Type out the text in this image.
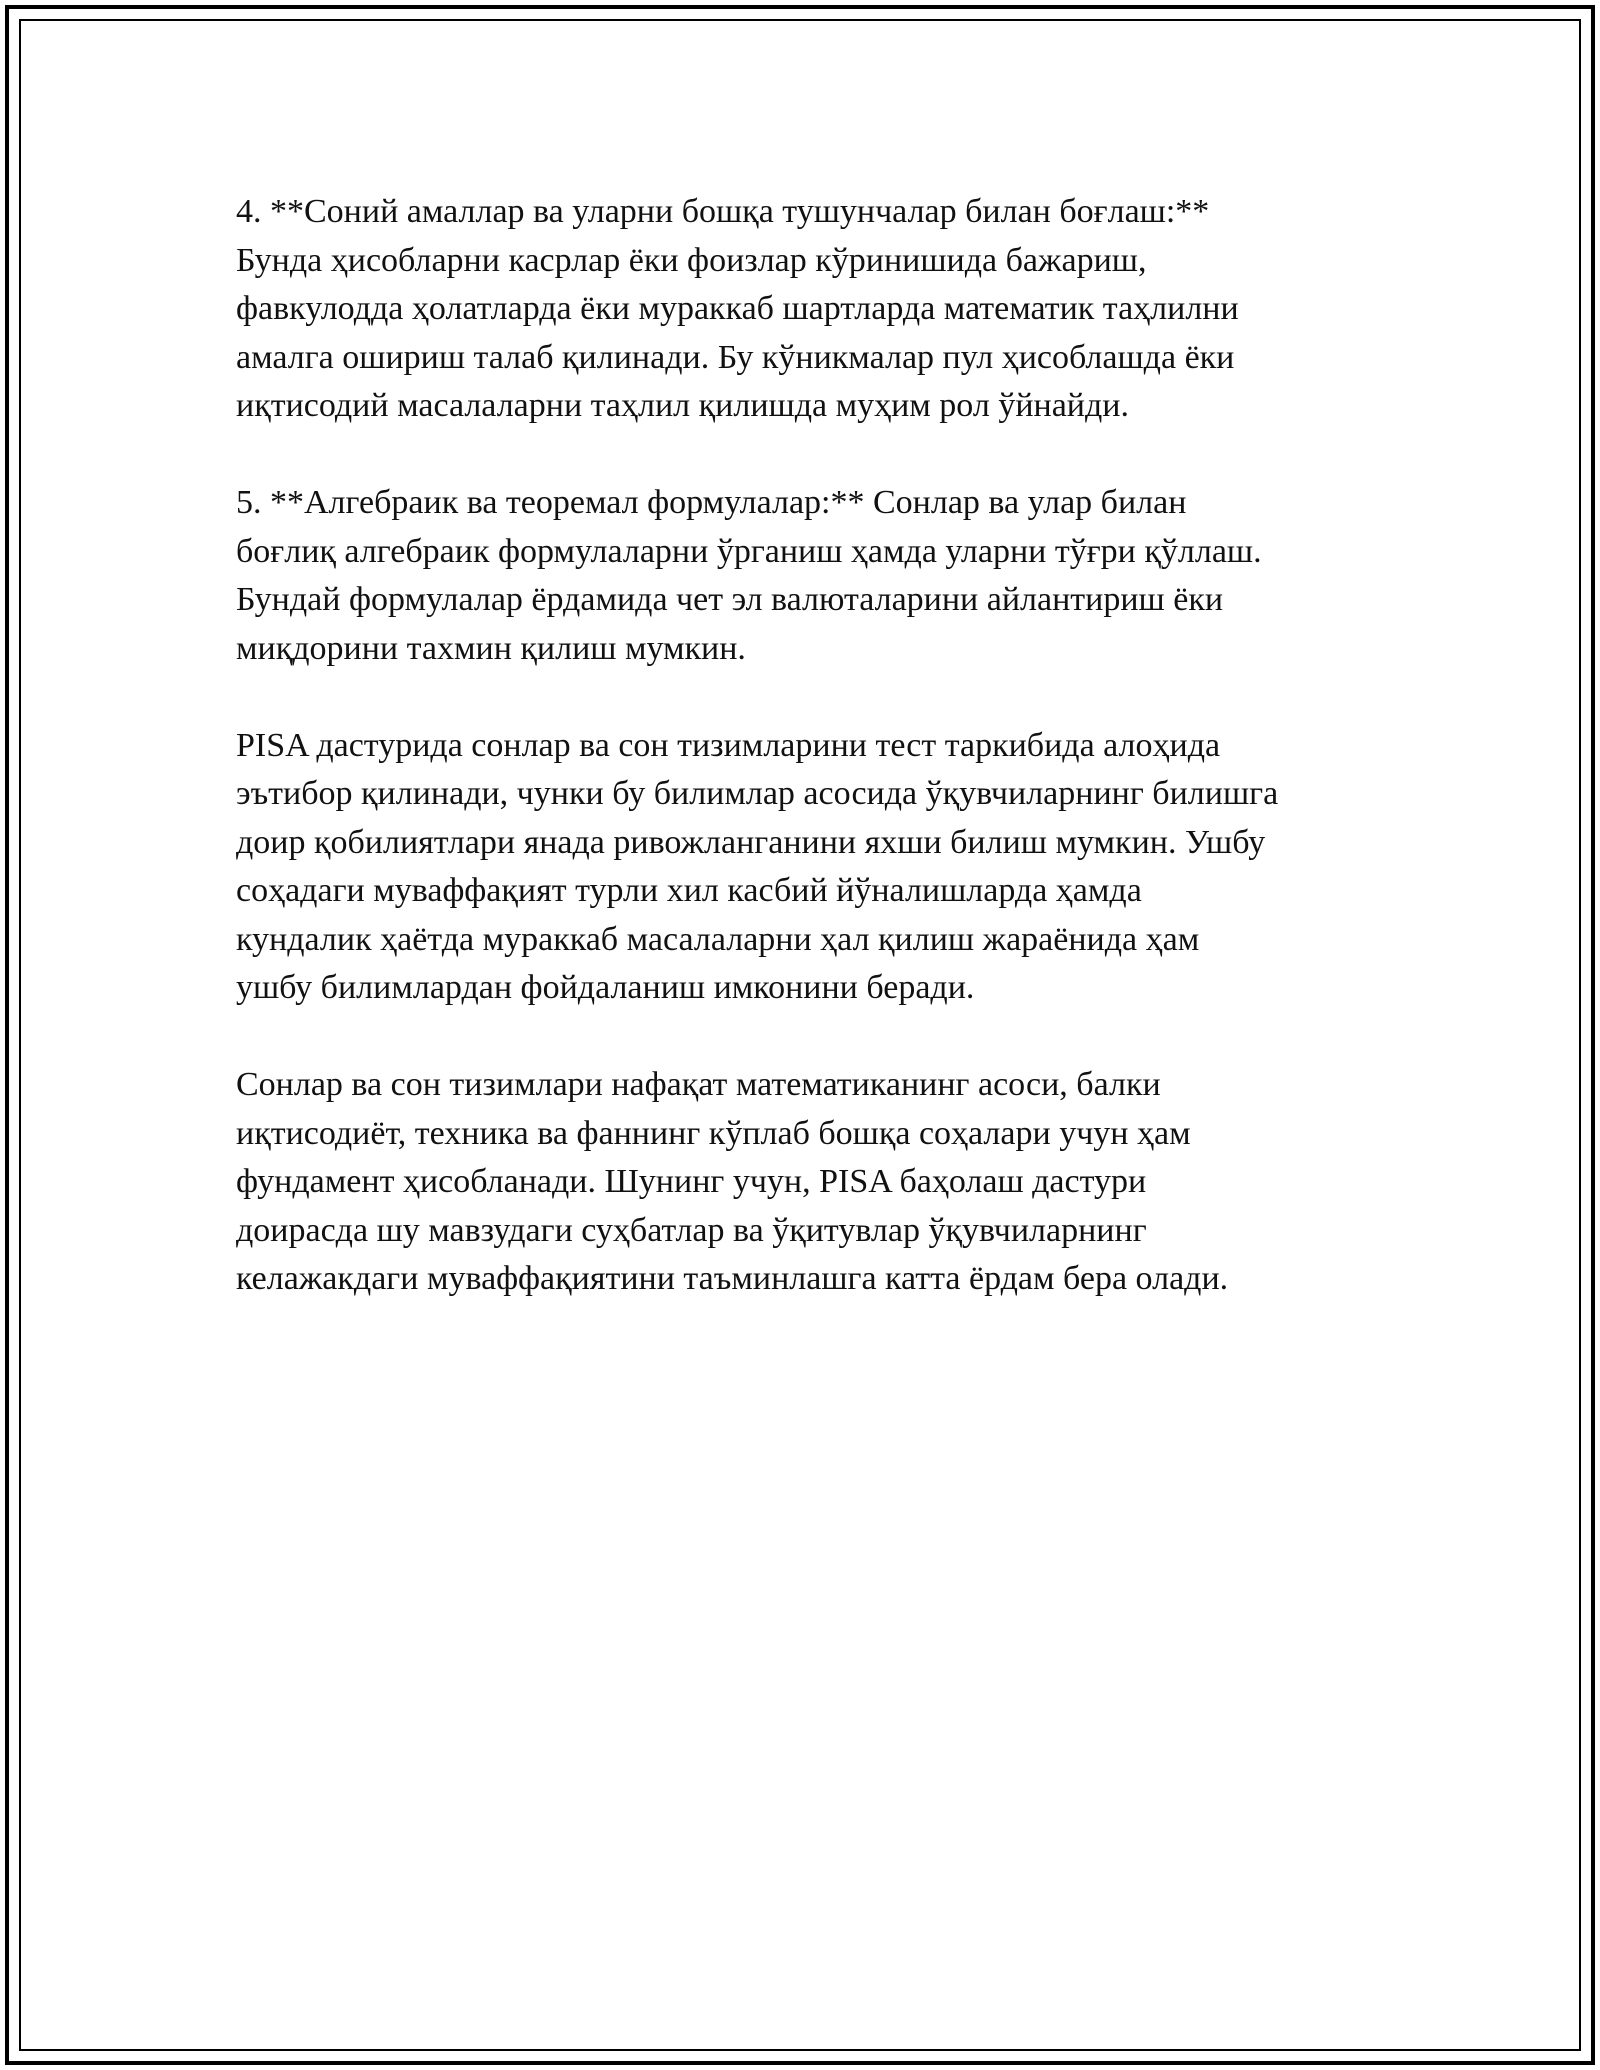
4. **Соний амаллар ва уларни бошқа тушунчалар билан боғлаш:**
Бунда ҳисобларни касрлар ёки фоизлар кўринишида бажариш,
фавкулодда ҳолатларда ёки мураккаб шартларда математик таҳлилни
амалга ошириш талаб қилинади. Бу кўникмалар пул ҳисоблашда ёки
иқтисодий масалаларни таҳлил қилишда муҳим рол ўйнайди.

5. **Алгебраик ва теоремал формулалар:** Сонлар ва улар билан
боғлиқ алгебраик формулаларни ўрганиш ҳамда уларни тўғри қўллаш.
Бундай формулалар ёрдамида чет эл валюталарини айлантириш ёки
миқдорини тахмин қилиш мумкин.

PISA дастурида сонлар ва сон тизимларини тест таркибида алоҳида
эътибор қилинади, чунки бу билимлар асосида ўқувчиларнинг билишга
доир қобилиятлари янада ривожланганини яхши билиш мумкин. Ушбу
соҳадаги муваффақият турли хил касбий йўналишларда ҳамда
кундалик ҳаётда мураккаб масалаларни ҳал қилиш жараёнида ҳам
ушбу билимлардан фойдаланиш имконини беради.

Сонлар ва сон тизимлари нафақат математиканинг асоси, балки
иқтисодиёт, техника ва фаннинг кўплаб бошқа соҳалари учун ҳам
фундамент ҳисобланади. Шунинг учун, PISA баҳолаш дастури
доирасда шу мавзудаги суҳбатлар ва ўқитувлар ўқувчиларнинг
келажакдаги муваффақиятини таъминлашга катта ёрдам бера олади.
